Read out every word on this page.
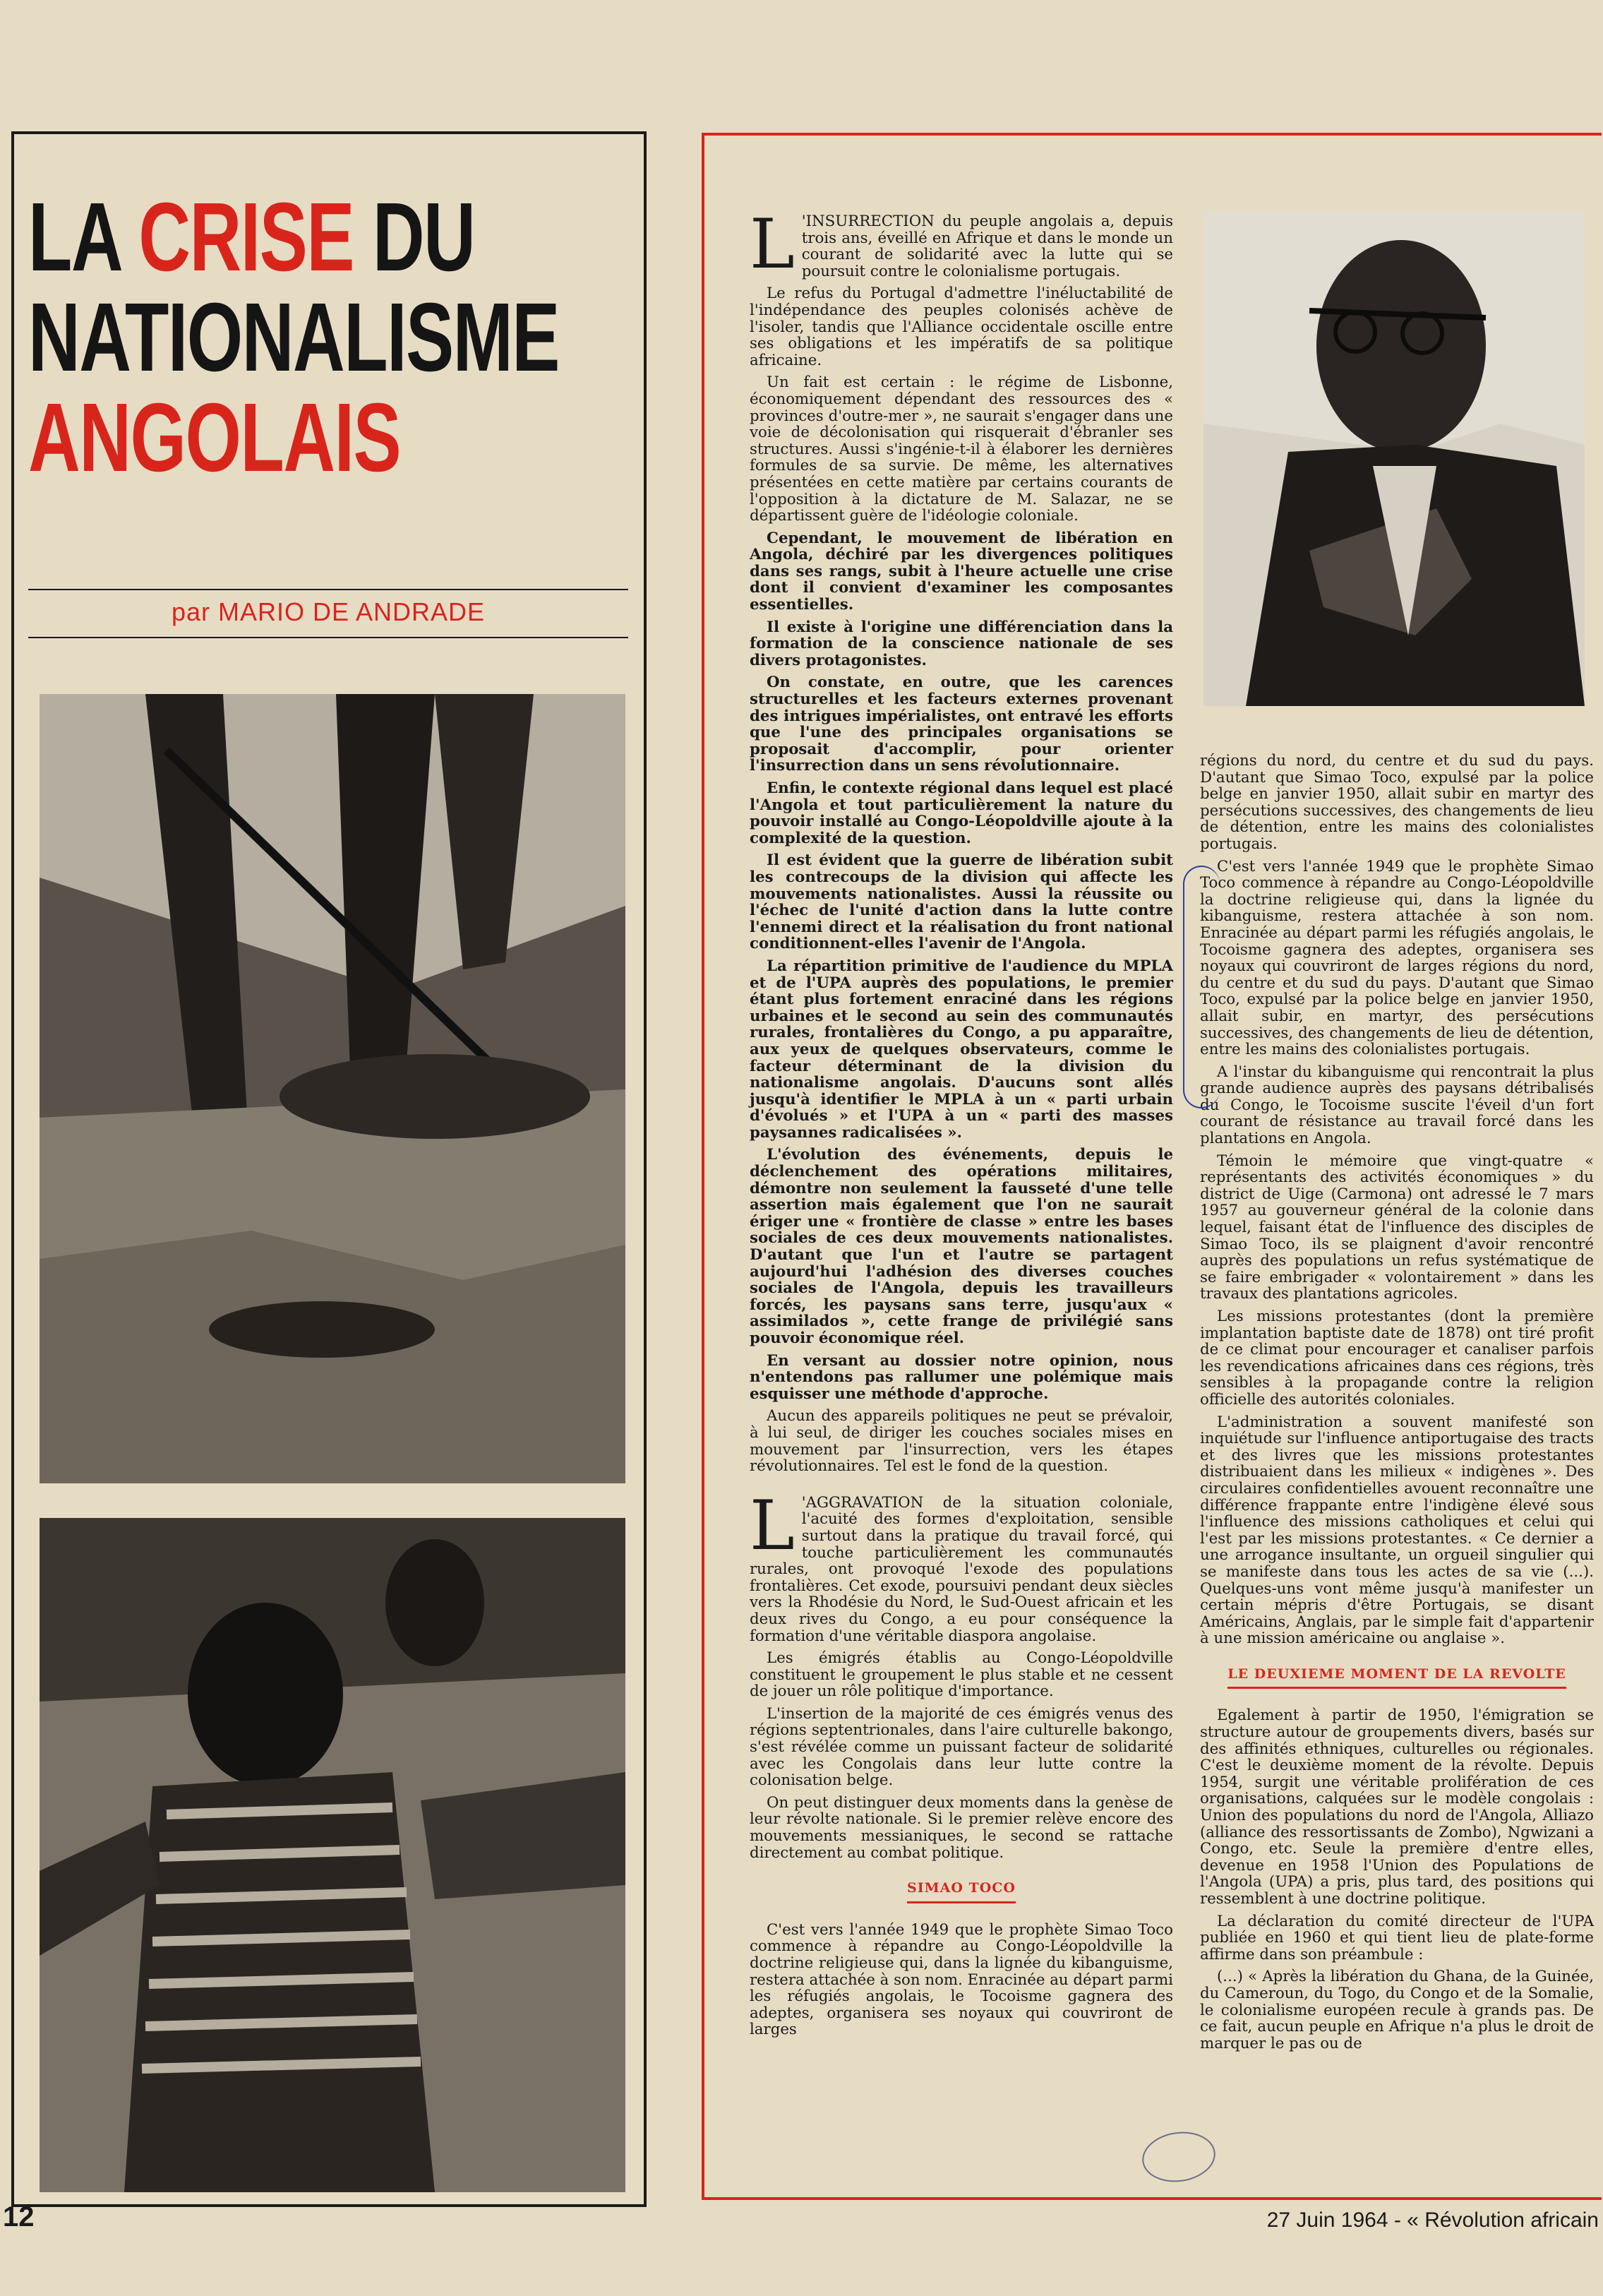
LA CRISE DU
NATIONALISME
ANGOLAIS
par MARIO DE ANDRADE

L 'INSURRECTION du peuple angolais a, depuis trois ans, éveillé en Afrique et dans le monde un courant de solidarité avec la lutte qui se poursuit contre le colonialisme portugais.

Le refus du Portugal d'admettre l'inéluctabilité de l'indépendance des peuples colonisés achève de l'isoler, tandis que l'Alliance occidentale oscille entre ses obligations et les impératifs de sa politique africaine.

Un fait est certain : le régime de Lisbonne, économiquement dépendant des ressources des « provinces d'outre-mer », ne saurait s'engager dans une voie de décolonisation qui risquerait d'ébranler ses structures. Aussi s'ingénie-t-il à élaborer les dernières formules de sa survie. De même, les alternatives présentées en cette matière par certains courants de l'opposition à la dictature de M. Salazar, ne se départissent guère de l'idéologie coloniale.

Cependant, le mouvement de libération en Angola, déchiré par les divergences politiques dans ses rangs, subit à l'heure actuelle une crise dont il convient d'examiner les composantes essentielles.

Il existe à l'origine une différenciation dans la formation de la conscience nationale de ses divers protagonistes.

On constate, en outre, que les carences structurelles et les facteurs externes provenant des intrigues impérialistes, ont entravé les efforts que l'une des principales organisations se proposait d'accomplir, pour orienter l'insurrection dans un sens révolutionnaire.

Enfin, le contexte régional dans lequel est placé l'Angola et tout particulièrement la nature du pouvoir installé au Congo-Léopoldville ajoute à la complexité de la question.

Il est évident que la guerre de libération subit les contrecoups de la division qui affecte les mouvements nationalistes. Aussi la réussite ou l'échec de l'unité d'action dans la lutte contre l'ennemi direct et la réalisation du front national conditionnent-elles l'avenir de l'Angola.

La répartition primitive de l'audience du MPLA et de l'UPA auprès des populations, le premier étant plus fortement enraciné dans les régions urbaines et le second au sein des communautés rurales, frontalières du Congo, a pu apparaître, aux yeux de quelques observateurs, comme le facteur déterminant de la division du nationalisme angolais. D'aucuns sont allés jusqu'à identifier le MPLA à un « parti urbain d'évolués » et l'UPA à un « parti des masses paysannes radicalisées ».

L'évolution des événements, depuis le déclenchement des opérations militaires, démontre non seulement la fausseté d'une telle assertion mais également que l'on ne saurait ériger une « frontière de classe » entre les bases sociales de ces deux mouvements nationalistes. D'autant que l'un et l'autre se partagent aujourd'hui l'adhésion des diverses couches sociales de l'Angola, depuis les travailleurs forcés, les paysans sans terre, jusqu'aux « assimilados », cette frange de privilégié sans pouvoir économique réel.

En versant au dossier notre opinion, nous n'entendons pas rallumer une polémique mais esquisser une méthode d'approche.

Aucun des appareils politiques ne peut se prévaloir, à lui seul, de diriger les couches sociales mises en mouvement par l'insurrection, vers les étapes révolutionnaires. Tel est le fond de la question.

L 'AGGRAVATION de la situation coloniale, l'acuité des formes d'exploitation, sensible surtout dans la pratique du travail forcé, qui touche particulièrement les communautés rurales, ont provoqué l'exode des populations frontalières. Cet exode, poursuivi pendant deux siècles vers la Rhodésie du Nord, le Sud-Ouest africain et les deux rives du Congo, a eu pour conséquence la formation d'une véritable diaspora angolaise.

Les émigrés établis au Congo-Léopoldville constituent le groupement le plus stable et ne cessent de jouer un rôle politique d'importance.

L'insertion de la majorité de ces émigrés venus des régions septentrionales, dans l'aire culturelle bakongo, s'est révélée comme un puissant facteur de solidarité avec les Congolais dans leur lutte contre la colonisation belge.

On peut distinguer deux moments dans la genèse de leur révolte nationale. Si le premier relève encore des mouvements messianiques, le second se rattache directement au combat politique.

SIMAO TOCO

C'est vers l'année 1949 que le prophète Simao Toco commence à répandre au Congo-Léopoldville la doctrine religieuse qui, dans la lignée du kibanguisme, restera attachée à son nom. Enracinée au départ parmi les réfugiés angolais, le Tocoisme gagnera des adeptes, organisera ses noyaux qui couvriront de larges

régions du nord, du centre et du sud du pays. D'autant que Simao Toco, expulsé par la police belge en janvier 1950, allait subir en martyr des persécutions successives, des changements de lieu de détention, entre les mains des colonialistes portugais.

C'est vers l'année 1949 que le prophète Simao Toco commence à répandre au Congo-Léopoldville la doctrine religieuse qui, dans la lignée du kibanguisme, restera attachée à son nom. Enracinée au départ parmi les réfugiés angolais, le Tocoisme gagnera des adeptes, organisera ses noyaux qui couvriront de larges régions du nord, du centre et du sud du pays. D'autant que Simao Toco, expulsé par la police belge en janvier 1950, allait subir, en martyr, des persécutions successives, des changements de lieu de détention, entre les mains des colonialistes portugais.

A l'instar du kibanguisme qui rencontrait la plus grande audience auprès des paysans détribalisés du Congo, le Tocoisme suscite l'éveil d'un fort courant de résistance au travail forcé dans les plantations en Angola.

Témoin le mémoire que vingt-quatre « représentants des activités économiques » du district de Uige (Carmona) ont adressé le 7 mars 1957 au gouverneur général de la colonie dans lequel, faisant état de l'influence des disciples de Simao Toco, ils se plaignent d'avoir rencontré auprès des populations un refus systématique de se faire embrigader « volontairement » dans les travaux des plantations agricoles.

Les missions protestantes (dont la première implantation baptiste date de 1878) ont tiré profit de ce climat pour encourager et canaliser parfois les revendications africaines dans ces régions, très sensibles à la propagande contre la religion officielle des autorités coloniales.

L'administration a souvent manifesté son inquiétude sur l'influence antiportugaise des tracts et des livres que les missions protestantes distribuaient dans les milieux « indigènes ». Des circulaires confidentielles avouent reconnaître une différence frappante entre l'indigène élevé sous l'influence des missions catholiques et celui qui l'est par les missions protestantes. « Ce dernier a une arrogance insultante, un orgueil singulier qui se manifeste dans tous les actes de sa vie (...). Quelques-uns vont même jusqu'à manifester un certain mépris d'être Portugais, se disant Américains, Anglais, par le simple fait d'appartenir à une mission américaine ou anglaise ».

LE DEUXIEME MOMENT DE LA REVOLTE

Egalement à partir de 1950, l'émigration se structure autour de groupements divers, basés sur des affinités ethniques, culturelles ou régionales. C'est le deuxième moment de la révolte. Depuis 1954, surgit une véritable prolifération de ces organisations, calquées sur le modèle congolais : Union des populations du nord de l'Angola, Alliazo (alliance des ressortissants de Zombo), Ngwizani a Congo, etc. Seule la première d'entre elles, devenue en 1958 l'Union des Populations de l'Angola (UPA) a pris, plus tard, des positions qui ressemblent à une doctrine politique.

La déclaration du comité directeur de l'UPA publiée en 1960 et qui tient lieu de plate-forme affirme dans son préambule :

(...) « Après la libération du Ghana, de la Guinée, du Cameroun, du Togo, du Congo et de la Somalie, le colonialisme européen recule à grands pas. De ce fait, aucun peuple en Afrique n'a plus le droit de marquer le pas ou de

12	27 Juin 1964 - « Révolution africain
